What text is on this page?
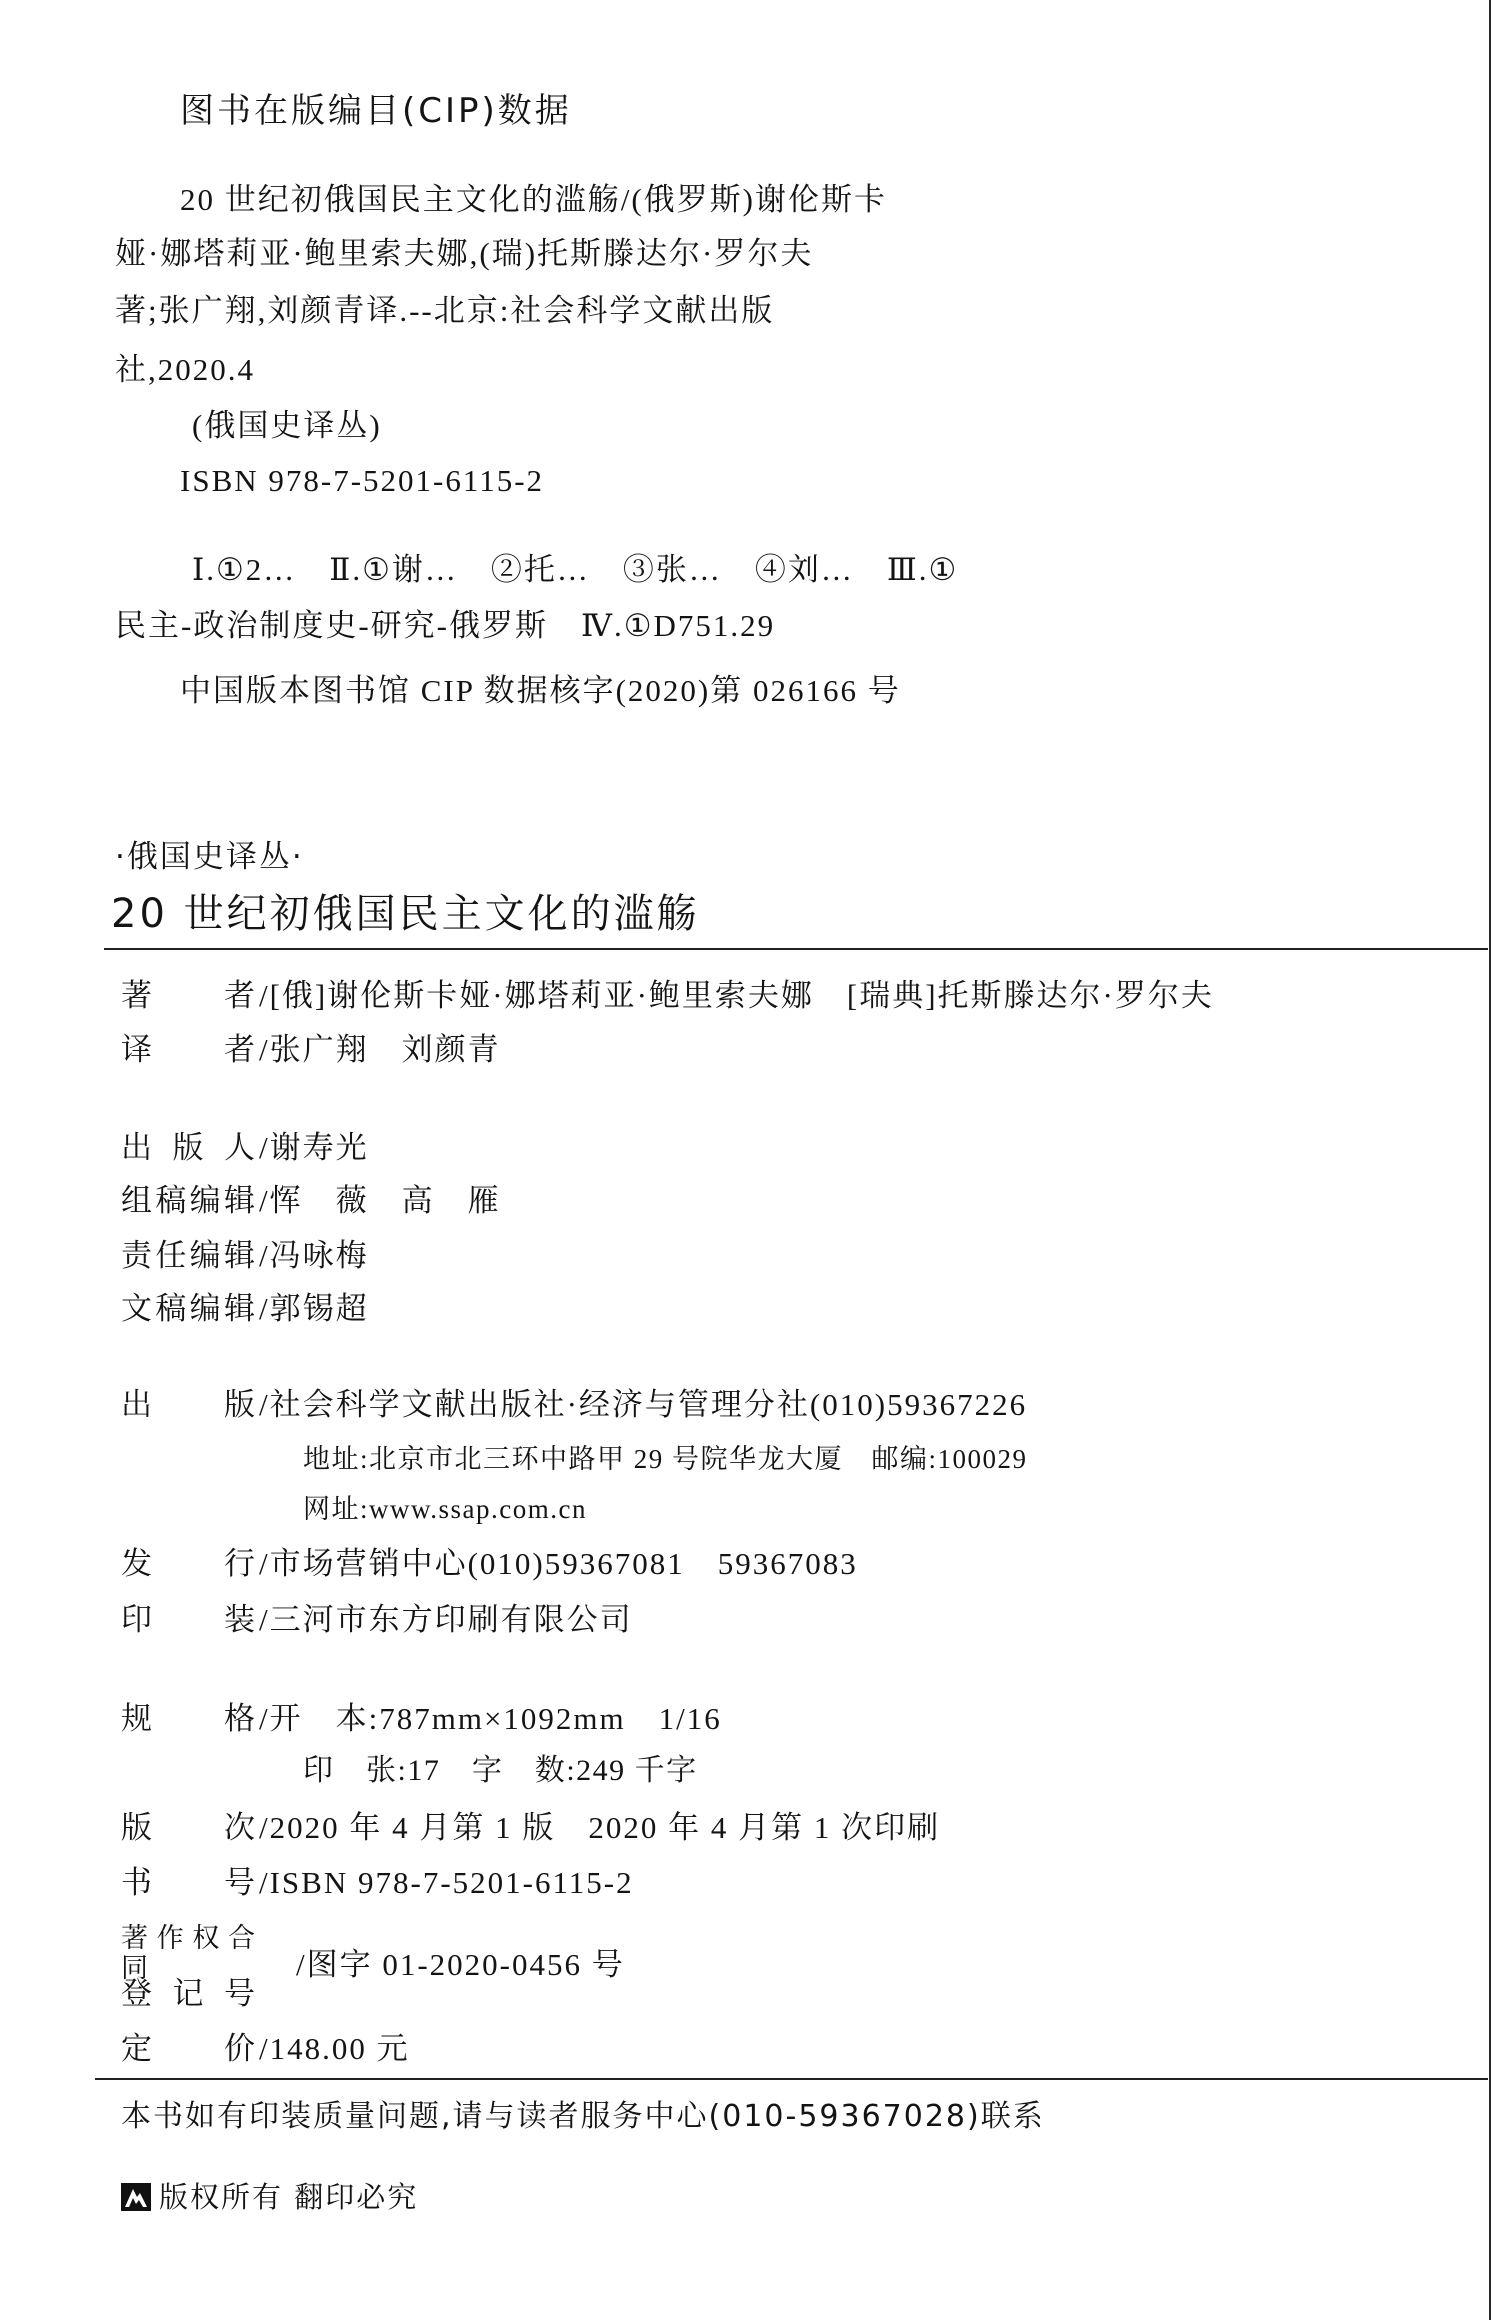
图书在版编目(CIP)数据
20 世纪初俄国民主文化的滥觞/(俄罗斯)谢伦斯卡
娅·娜塔莉亚·鲍里索夫娜,(瑞)托斯滕达尔·罗尔夫
著;张广翔,刘颜青译.--北京:社会科学文献出版
社,2020.4
(俄国史译丛)
ISBN 978-7-5201-6115-2
Ⅰ.①2…　Ⅱ.①谢…　②托…　③张…　④刘…　Ⅲ.①
民主-政治制度史-研究-俄罗斯　Ⅳ.①D751.29
中国版本图书馆 CIP 数据核字(2020)第 026166 号
·俄国史译丛·
20 世纪初俄国民主文化的滥觞
著 者 /[俄]谢伦斯卡娅·娜塔莉亚·鲍里索夫娜　[瑞典]托斯滕达尔·罗尔夫
译 者 /张广翔　刘颜青
出 版 人 /谢寿光
组稿编辑 /恽　薇　高　雁
责任编辑 /冯咏梅
文稿编辑 /郭锡超
出 版 /社会科学文献出版社·经济与管理分社(010)59367226
地址:北京市北三环中路甲 29 号院华龙大厦　邮编:100029
网址:www.ssap.com.cn
发 行 /市场营销中心(010)59367081　59367083
印 装 /三河市东方印刷有限公司
规 格 /开　本:787mm×1092mm　1/16
印　张:17　字　数:249 千字
版 次 /2020 年 4 月第 1 版　2020 年 4 月第 1 次印刷
书 号 /ISBN 978-7-5201-6115-2
著作权合同
登 记 号
/图字 01-2020-0456 号
定 价 /148.00 元
本书如有印装质量问题,请与读者服务中心(010-59367028)联系
版权所有 翻印必究
